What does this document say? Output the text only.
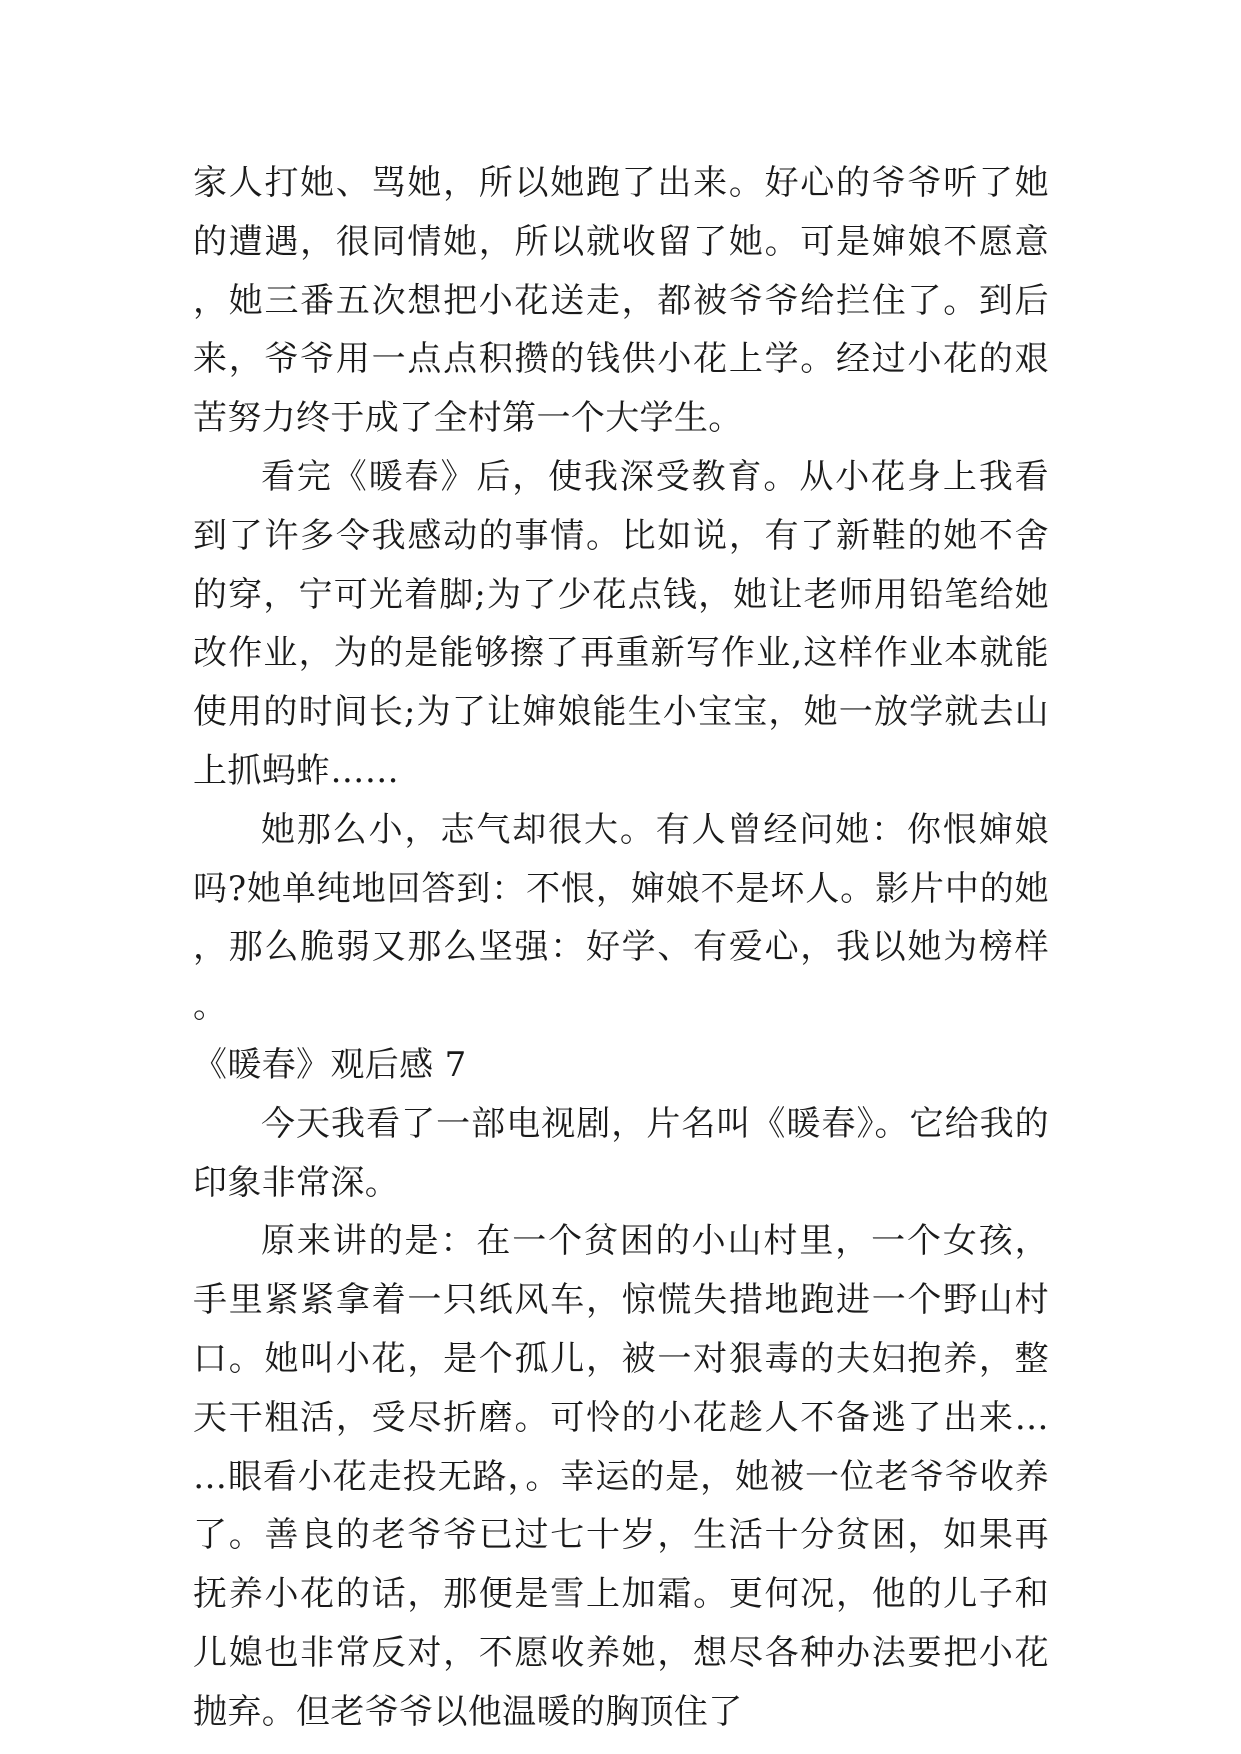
家人打她、骂她，所以她跑了出来。好心的爷爷听了她的遭遇，很同情她，所以就收留了她。可是婶娘不愿意，她三番五次想把小花送走，都被爷爷给拦住了。到后来，爷爷用一点点积攒的钱供小花上学。经过小花的艰苦努力终于成了全村第一个大学生。

看完《暖春》后，使我深受教育。从小花身上我看到了许多令我感动的事情。比如说，有了新鞋的她不舍的穿，宁可光着脚;为了少花点钱，她让老师用铅笔给她改作业，为的是能够擦了再重新写作业,这样作业本就能使用的时间长;为了让婶娘能生小宝宝，她一放学就去山上抓蚂蚱……

她那么小，志气却很大。有人曾经问她：你恨婶娘吗?她单纯地回答到：不恨，婶娘不是坏人。影片中的她，那么脆弱又那么坚强：好学、有爱心，我以她为榜样。

《暖春》观后感 7

今天我看了一部电视剧，片名叫《暖春》。它给我的印象非常深。

原来讲的是：在一个贫困的小山村里，一个女孩，手里紧紧拿着一只纸风车，惊慌失措地跑进一个野山村口。她叫小花，是个孤儿，被一对狠毒的夫妇抱养，整天干粗活，受尽折磨。可怜的小花趁人不备逃了出来……眼看小花走投无路，。幸运的是，她被一位老爷爷收养了。善良的老爷爷已过七十岁，生活十分贫困，如果再抚养小花的话，那便是雪上加霜。更何况，他的儿子和儿媳也非常反对，不愿收养她，想尽各种办法要把小花抛弃。但老爷爷以他温暖的胸顶住了
